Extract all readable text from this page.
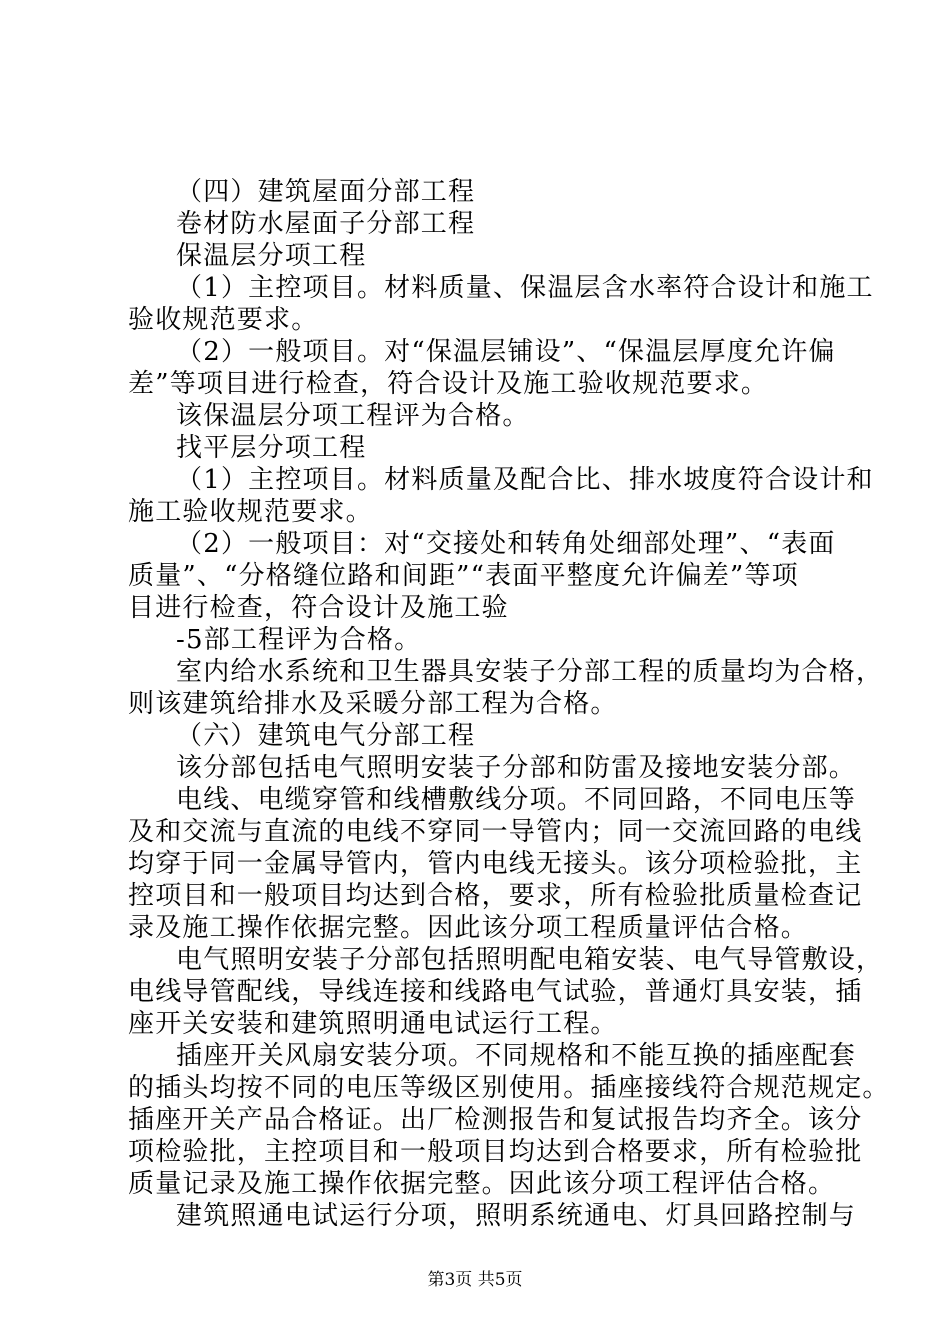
（四）建筑屋面分部工程
卷材防水屋面子分部工程
保温层分项工程
（1）主控项目。材料质量、保温层含水率符合设计和施工
验收规范要求。
（2）一般项目。对“保温层铺设”、“保温层厚度允许偏
差”等项目进行检查，符合设计及施工验收规范要求。
该保温层分项工程评为合格。
找平层分项工程
（1）主控项目。材料质量及配合比、排水坡度符合设计和
施工验收规范要求。
（2）一般项目：对“交接处和转角处细部处理”、“表面
质量”、“分格缝位路和间距”“表面平整度允许偏差”等项
目进行检查，符合设计及施工验
-5部工程评为合格。
室内给水系统和卫生器具安装子分部工程的质量均为合格，
则该建筑给排水及采暖分部工程为合格。
（六）建筑电气分部工程
该分部包括电气照明安装子分部和防雷及接地安装分部。
电线、电缆穿管和线槽敷线分项。不同回路，不同电压等
及和交流与直流的电线不穿同一导管内；同一交流回路的电线
均穿于同一金属导管内，管内电线无接头。该分项检验批，主
控项目和一般项目均达到合格，要求，所有检验批质量检查记
录及施工操作依据完整。因此该分项工程质量评估合格。
电气照明安装子分部包括照明配电箱安装、电气导管敷设，
电线导管配线，导线连接和线路电气试验，普通灯具安装，插
座开关安装和建筑照明通电试运行工程。
插座开关风扇安装分项。不同规格和不能互换的插座配套
的插头均按不同的电压等级区别使用。插座接线符合规范规定。
插座开关产品合格证。出厂检测报告和复试报告均齐全。该分
项检验批，主控项目和一般项目均达到合格要求，所有检验批
质量记录及施工操作依据完整。因此该分项工程评估合格。
建筑照通电试运行分项，照明系统通电、灯具回路控制与
第3页 共5页
